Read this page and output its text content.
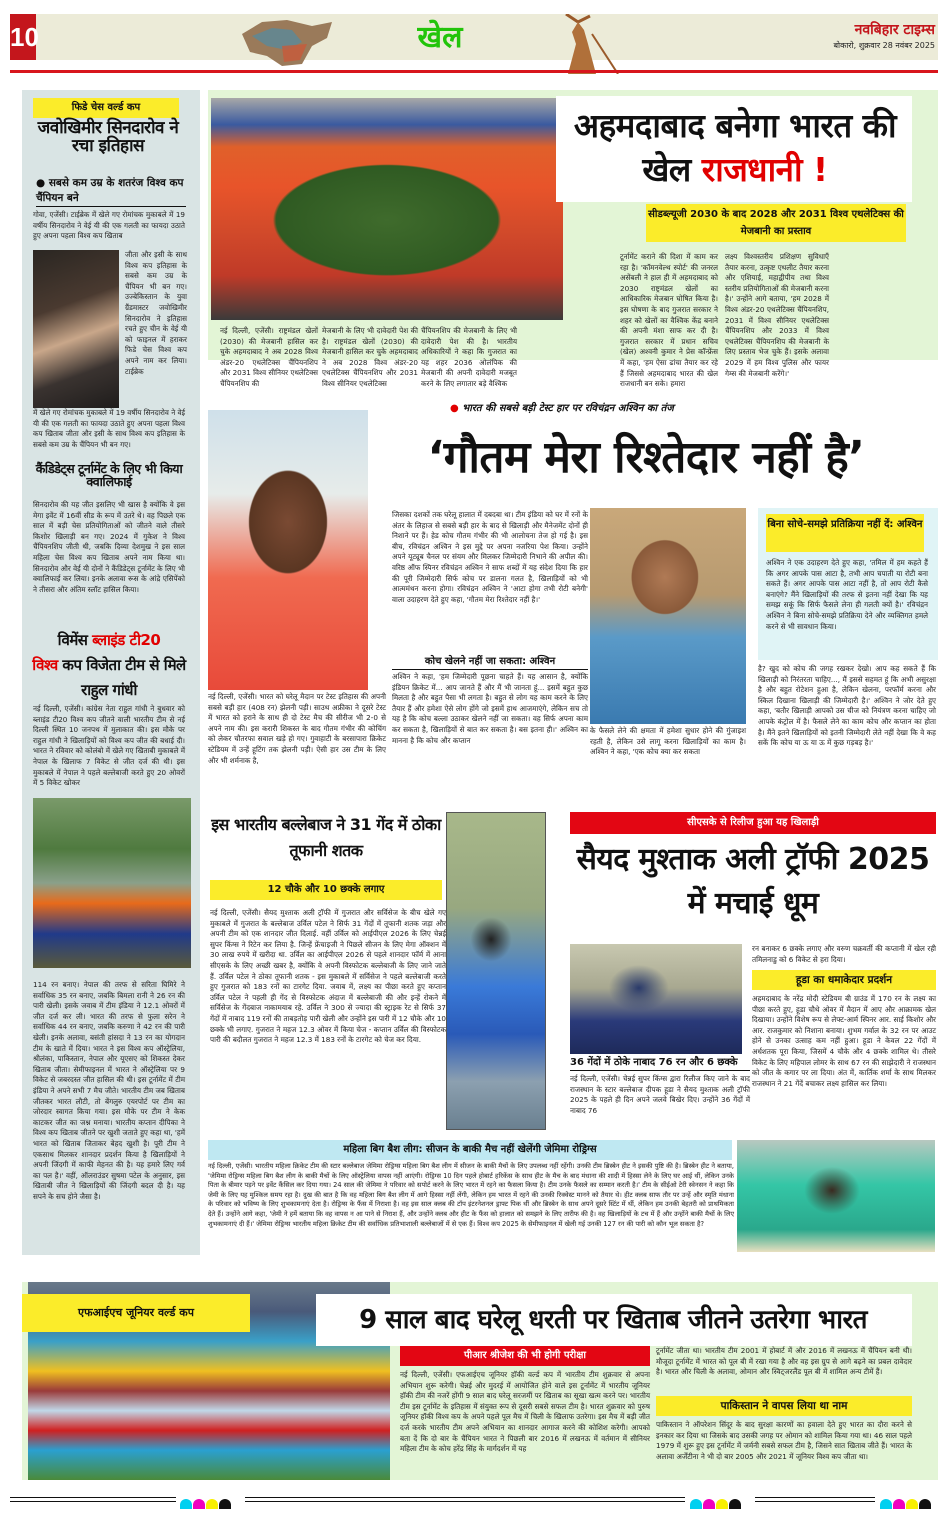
10	खेल	नवबिहार टाइम्स
बोकारो, शुक्रवार 28 नवंबर 2025
फिडे चेस वर्ल्ड कप
जवोखिमीर सिनदारोव ने रचा इतिहास
● सबसे कम उम्र के शतरंज विश्व कप चैंपियन बने
गोवा, एजेंसी। टाईब्रेक में खेले गए रोमांचक मुकाबले में 19 वर्षीय सिनदारोव ने वेई यी की एक गलती का फायदा उठाते हुए अपना पहला विश्व कप खिताब
जीता और इसी के साथ विश्व कप इतिहास के सबसे कम उम्र के चैंपियन भी बन गए। उज्बेकिस्तान के युवा ग्रैंडमास्टर जवोखिमीर सिनदारोव ने इतिहास रचते हुए चीन के वेई यी को फाइनल में हराकर फिडे चेस विश्व कप अपने नाम कर लिया। टाईब्रेक
में खेले गए रोमांचक मुकाबले में 19 वर्षीय सिनदारोव ने वेई यी की एक गलती का फायदा उठाते हुए अपना पहला विश्व कप खिताब जीता और इसी के साथ विश्व कप इतिहास के सबसे कम उम्र के चैंपियन भी बन गए।
कैंडिडेट्स टूर्नामेंट के लिए भी किया क्वालिफाई
सिनदारोव की यह जीत इसलिए भी खास है क्योंकि वे इस मेगा इवेंट में 16वीं सीड के रूप में उतरे थे। वह पिछले एक साल में बड़ी चेस प्रतियोगिताओं को जीतने वाले तीसरे किशोर खिलाड़ी बन गए। 2024 में गुकेश ने विश्व चैंपियनशिप जीती थी, जबकि दिव्या देशमुख ने इस साल महिला चेस विश्व कप खिताब अपने नाम किया था। सिनदारोव और वेई यी दोनों ने कैंडिडेट्स टूर्नामेंट के लिए भी क्वालिफाई कर लिया। इनके अलावा रूस के आंद्रे एसिपेंको ने तीसरा और अंतिम स्लॉट हासिल किया।
विमेंस ब्लाइंड टी20
विश्व कप विजेता टीम से मिले राहुल गांधी
नई दिल्ली, एजेंसी। कांग्रेस नेता राहुल गांधी ने बुधवार को ब्लाइंड टी20 विश्व कप जीतने वाली भारतीय टीम से नई दिल्ली स्थित 10 जनपथ में मुलाकात की। इस मौके पर राहुल गांधी ने खिलाड़ियों को विश्व कप जीत की बधाई दी। भारत ने रविवार को कोलंबो में खेले गए खिताबी मुकाबले में नेपाल के खिलाफ 7 विकेट से जीत दर्ज की थी। इस मुकाबले में नेपाल ने पहले बल्लेबाजी करते हुए 20 ओवरों में 5 विकेट खोकर
114 रन बनाए। नेपाल की तरफ से सरिता घिमिरे ने सर्वाधिक 35 रन बनाए, जबकि बिमला रानी ने 26 रन की पारी खेली। इसके जवाब में टीम इंडिया ने 12.1 ओवरों में जीत दर्ज कर ली। भारत की तरफ से फुला सरेन ने सर्वाधिक 44 रन बनाए, जबकि करुणा ने 42 रन की पारी खेली। इनके अलावा, बसंती हांसदा ने 13 रन का योगदान टीम के खाते में दिया। भारत ने इस विश्व कप ऑस्ट्रेलिया, श्रीलंका, पाकिस्तान, नेपाल और यूएसए को शिकस्त देकर खिताब जीता। सेमीफाइनल में भारत ने ऑस्ट्रेलिया पर 9 विकेट से जबरदस्त जीत हासिल की थी। इस टूर्नामेंट में टीम इंडिया ने अपने सभी 7 मैच जीते। भारतीय टीम जब खिताब जीतकर भारत लौटी, तो बेंगलुरु एयरपोर्ट पर टीम का जोरदार स्वागत किया गया। इस मौके पर टीम ने केक काटकर जीत का जश्न मनाया। भारतीय कप्तान दीपिका ने विश्व कप खिताब जीतने पर खुशी जताते हुए कहा था, 'हमें भारत को खिताब जिताकर बेहद खुशी है। पूरी टीम ने एकसाथ मिलकर शानदार प्रदर्शन किया है खिलाड़ियों ने अपनी जिंदगी में काफी मेहनत की है। यह हमारे लिए गर्व का पल है।' वहीं, ऑलराउंडर सुषमा पटेल के अनुसार, इस खिताबी जीत ने खिलाड़ियों की जिंदगी बदल दी है। यह सपने के सच होने जैसा है।
अहमदाबाद बनेगा भारत की खेल राजधानी !
सीडब्ल्यूजी 2030 के बाद 2028 और 2031 विश्व एथलेटिक्स की मेजबानी का प्रस्ताव
नई दिल्ली, एजेंसी। राष्ट्रमंडल खेलों (2030) की मेजबानी हासिल कर चुके अहमदाबाद ने अब 2028 विश्व अंडर-20 एथलेटिक्स चैंपियनशिप और 2031 विश्व सीनियर एथलेटिक्स चैंपियनशिप की
मेजबानी के लिए भी दावेदारी पेश की है। राष्ट्रमंडल खेलों (2030) की मेजबानी हासिल कर चुके अहमदाबाद ने अब 2028 विश्व अंडर-20 एथलेटिक्स चैंपियनशिप और 2031 विश्व सीनियर एथलेटिक्स
चैंपियनशिप की मेजबानी के लिए भी दावेदारी पेश की है। भारतीय अधिकारियों ने कहा कि गुजरात का यह शहर 2036 ओलंपिक की मेजबानी की अपनी दावेदारी मजबूत करने के लिए लगातार बड़े वैश्विक
टूर्नामेंट कराने की दिशा में काम कर रहा है। 'कॉमनवेल्थ स्पोर्ट' की जनरल असेंबली ने हाल ही में अहमदाबाद को 2030 राष्ट्रमंडल खेलों का आधिकारिक मेजबान घोषित किया है। इस घोषणा के बाद गुजरात सरकार ने शहर को खेलों का वैश्विक केंद्र बनाने की अपनी मंशा साफ कर दी है। गुजरात सरकार में प्रधान सचिव (खेल) अश्वनी कुमार ने प्रेस कॉन्फ्रेंस में कहा, 'हम ऐसा ढांचा तैयार कर रहे हैं जिससे अहमदाबाद भारत की खेल राजधानी बन सके। हमारा
लक्ष्य विश्वस्तरीय प्रशिक्षण सुविधाएँ तैयार करना, उत्कृष्ट एथलीट तैयार करना और एशियाई, महाद्वीपीय तथा विश्व स्तरीय प्रतियोगिताओं की मेजबानी करना है।' उन्होंने आगे बताया, 'हम 2028 में विश्व अंडर-20 एथलेटिक्स चैंपियनशिप, 2031 में विश्व सीनियर एथलेटिक्स चैंपियनशिप और 2033 में विश्व एथलेटिक्स चैंपियनशिप की मेजबानी के लिए प्रस्ताव भेज चुके हैं। इसके अलावा 2029 में हम विश्व पुलिस और फायर गेम्स की मेजबानी करेंगे।'
● भारत की सबसे बड़ी टेस्ट हार पर रविचंद्रन अश्विन का तंज
‘गौतम मेरा रिश्तेदार नहीं है’
नई दिल्ली, एजेंसी। भारत को घरेलू मैदान पर टेस्ट इतिहास की अपनी सबसे बड़ी हार (408 रन) झेलनी पड़ी। साउथ अफ्रीका ने दूसरे टेस्ट में भारत को हराने के साथ ही दो टेस्ट मैच की सीरीज भी 2-0 से अपने नाम की। इस करारी शिकस्त के बाद गौतम गंभीर की कोचिंग को लेकर चौतरफा सवाल खड़े हो गए। गुवाहाटी के बरसापारा क्रिकेट स्टेडियम में उन्हें हूटिंग तक झेलनी पड़ी। ऐसी हार उस टीम के लिए और भी शर्मनाक है,
जिसका दशकों तक घरेलू हालात में दबदबा था। टीम इंडिया को घर में रनों के अंतर के लिहाज से सबसे बड़ी हार के बाद से खिलाड़ी और मैनेजमेंट दोनों ही निशाने पर हैं। हेड कोच गौतम गंभीर की भी आलोचना तेज हो गई है। इस बीच, रविचंद्रन अश्विन ने इस मुद्दे पर अपना नजरिया पेश किया। उन्होंने अपने यूट्यूब चैनल पर संयम और मिलकर जिम्मेदारी निभाने की अपील की। वरिष्ठ ऑफ स्पिनर रविचंद्रन अश्विन ने साफ शब्दों में यह संदेश दिया कि हार की पूरी जिम्मेदारी सिर्फ कोच पर डालना गलत है, खिलाड़ियों को भी आत्ममंथन करना होगा। रविचंद्रन अश्विन ने 'आटा होगा तभी रोटी बनेगी' वाला उदाहरण देते हुए कहा, 'गौतम मेरा रिश्तेदार नहीं है।'
कोच खेलने नहीं जा सकता: अश्विन
अश्विन ने कहा, 'हम जिम्मेदारी पूछना चाहते हैं। यह आसान है, क्योंकि इंडियन क्रिकेट में... आप जानते हैं और मैं भी जानता हूं... इसमें बहुत कुछ मिलता है और बहुत पैसा भी लगता है। बहुत से लोग यह काम करने के लिए तैयार हैं और हमेशा ऐसे लोग होंगे जो इसमें हाथ आजमाएंगे, लेकिन सच तो यह है कि कोच बल्ला उठाकर खेलने नहीं जा सकता। वह सिर्फ अपना काम कर सकता है, खिलाड़ियों से बात कर सकता है। बस इतना ही।' अश्विन का मानना है कि कोच और कप्तान
के फैसले लेने की क्षमता में हमेशा सुधार होने की गुंजाइश रहती है, लेकिन उसे लागू करना खिलाड़ियों का काम है। अश्विन ने कहा, 'एक कोच क्या कर सकता
बिना सोचे-समझे प्रतिक्रिया नहीं दें: अश्विन
अश्विन ने एक उदाहरण देते हुए कहा, 'तमिल में हम कहते हैं कि अगर आपके पास आटा है, तभी आप चपाती या रोटी बना सकते हैं। अगर आपके पास आटा नहीं है, तो आप रोटी कैसे बनाएंगे? मैंने खिलाड़ियों की तरफ से इतना नहीं देखा कि यह समझ सकूं कि सिर्फ फैसले लेना ही गलती क्यों है।' रविचंद्रन अश्विन ने बिना सोचे-समझे प्रतिक्रिया देने और व्यक्तिगत हमले करने से भी सावधान किया।
है? खुद को कोच की जगह रखकर देखो। आप कह सकते हैं कि खिलाड़ी को निरंतरता चाहिए..., मैं इससे सहमत हूं कि अभी असुरक्षा है और बहुत रोटेशन हुआ है, लेकिन खेलना, परफॉर्म करना और स्किल दिखाना खिलाड़ी की जिम्मेदारी है।' अश्विन ने जोर देते हुए कहा, 'बतौर खिलाड़ी आपको उस चीज को नियंत्रण करना चाहिए जो आपके कंट्रोल में है। फैसले लेने का काम कोच और कप्तान का होता है। मैंने इतने खिलाड़ियों को इतनी जिम्मेदारी लेते नहीं देखा कि वे कह सकें कि कोच या ऊ या ऊ में कुछ गड़बड़ है।'
इस भारतीय बल्लेबाज ने 31 गेंद में ठोका तूफानी शतक
12 चौके और 10 छक्के लगाए
नई दिल्ली, एजेंसी। सैयद मुश्ताक अली ट्रॉफी में गुजरात और सर्विसेज के बीच खेले गए मुकाबले में गुजरात के बल्लेबाज उर्विल पटेल ने सिर्फ 31 गेंदों में तूफानी शतक जड़ा और अपनी टीम को एक शानदार जीत दिलाई. वहीं उर्विल को आईपीएल 2026 के लिए चेन्नई सुपर किंग्स ने रिटेन कर लिया है. जिन्हें फ्रेंचाइजी ने पिछले सीजन के लिए मेगा ऑक्शन में 30 लाख रुपये में खरीदा था. उर्विल का आईपीएल 2026 से पहले शानदार फॉर्म में आना सीएसके के लिए अच्छी खबर है, क्योंकि वे अपनी विस्फोटक बल्लेबाजी के लिए जाने जाते हैं. उर्विल पटेल ने ठोका तूफानी शतक - इस मुकाबले में सर्विसेज ने पहले बल्लेबाजी करते हुए गुजरात को 183 रनों का टारगेट दिया. जवाब में, लक्ष्य का पीछा करते हुए कप्तान उर्विल पटेल ने पहली ही गेंद से विस्फोटक अंदाज में बल्लेबाजी की और इन्हें रोकने में सर्विसेज के गेंदबाज नाकामयाब रहे. उर्विल ने 300 से ज्यादा की स्ट्राइक रेट से सिर्फ 37 गेंदों में नाबाद 119 रनों की ताबड़तोड़ पारी खेली और उन्होंने इस पारी में 12 चौके और 10 छक्के भी लगाए. गुजरात ने महज 12.3 ओवर में किया चेज - कप्तान उर्विल की विस्फोटक पारी की बदौलत गुजरात ने महज 12.3 में 183 रनों के टारगेट को चेज कर दिया.
सीएसके से रिलीज हुआ यह खिलाड़ी
सैयद मुश्ताक अली ट्रॉफी 2025 में मचाई धूम
36 गेंदों में ठोके नाबाद 76 रन और 6 छक्के
नई दिल्ली, एजेंसी। चेन्नई सुपर किंग्स द्वारा रिलीज किए जाने के बाद राजस्थान के स्टार बल्लेबाज दीपक हूडा ने सैयद मुश्ताक अली ट्रॉफी 2025 के पहले ही दिन अपने जलवे बिखेर दिए। उन्होंने 36 गेंदों में नाबाद 76
रन बनाकर 6 छक्के लगाए और वरुण चक्रवर्ती की कप्तानी में खेल रही तमिलनाडु को 6 विकेट से हरा दिया।
हूडा का धमाकेदार प्रदर्शन
अहमदाबाद के नरेंद्र मोदी स्टेडियम बी ग्राउंड में 170 रन के लक्ष्य का पीछा करते हुए, हूडा चौथे ओवर में मैदान में आए और आक्रामक खेल दिखाया। उन्होंने विशेष रूप से लेफ्ट-आर्म स्पिनर आर. साई किशोर और आर. राजकुमार को निशाना बनाया। शुभम गर्वाल के 32 रन पर आउट होने से उनका उत्साह कम नहीं हुआ। हूडा ने केवल 22 गेंदों में अर्धशतक पूरा किया, जिसमें 4 चौके और 4 छक्के शामिल थे। तीसरे विकेट के लिए महिपाल लोमर के साथ 67 रन की साझेदारी ने राजस्थान को जीत के कगार पर ला दिया। अंत में, कार्तिक शर्मा के साथ मिलकर राजस्थान ने 21 गेंदें बचाकर लक्ष्य हासिल कर लिया।
महिला बिग बैश लीग: सीजन के बाकी मैच नहीं खेलेंगी जेमिमा रोड्रिग्स
नई दिल्ली, एजेंसी। भारतीय महिला क्रिकेट टीम की स्टार बल्लेबाज जेमिमा रोड्रिग्स महिला बिग बैश लीग में सीजन के बाकी मैचों के लिए उपलब्ध नहीं रहेंगी। उनकी टीम ब्रिस्बेन हीट ने इसकी पुष्टि की है। ब्रिस्बेन हीट ने बताया, 'जेमिमा रोड्रिग्स महिला बिग बैश लीग के बाकी मैचों के लिए ऑस्ट्रेलिया वापस नहीं आएंगी। रोड्रिग्स 10 दिन पहले होबार्ट हरिकेंस के साथ हीट के मैच के बाद मंधाना की शादी में हिस्सा लेने के लिए घर आई थीं, लेकिन उनके पिता के बीमार पड़ने पर इवेंट कैंसिल कर दिया गया। 24 साल की जेमिमा ने परिवार को सपोर्ट करने के लिए भारत में रहने का फैसला किया है। टीम उनके फैसले का सम्मान करती है।' टीम के सीईओ टेरी स्वेनसन ने कहा कि जेमी के लिए यह मुश्किल समय रहा है। दुख की बात है कि वह महिला बिग बैश लीग में आगे हिस्सा नहीं लेंगी, लेकिन हम भारत में रहने की उनकी रिक्वेस्ट मानने को तैयार थे। हीट क्लब साफ तौर पर उन्हें और स्मृति मंधाना के परिवार को भविष्य के लिए शुभकामनाएं देता है। रोड्रिग्स के फैंस में निराशा है। वह इस साल क्लब की टॉप इंटरनेशनल ड्राफ्ट पिक थीं और ब्रिस्बेन के साथ अपने दूसरे स्टिंट में थीं, लेकिन हम उनकी बेहतरी को प्राथमिकता देते हैं। उन्होंने आगे कहा, 'जेमी ने हमें बताया कि वह वापस न आ पाने से निराश हैं, और उन्होंने क्लब और हीट के फैंस को हालात को समझने के लिए तारीफ की है। वह खिलाड़ियों के टच में हैं और उन्होंने बाकी मैचों के लिए शुभकामनाएं दी हैं।' जेमिमा रोड्रिग्स भारतीय महिला क्रिकेट टीम की सर्वाधिक प्रतिभाशाली बल्लेबाजों में से एक हैं। विश्व कप 2025 के सेमीफाइनल में खेली गई उनकी 127 रन की पारी को कौन भूल सकता है?
एफआईएच जूनियर वर्ल्ड कप	9 साल बाद घरेलू धरती पर खिताब जीतने उतरेगा भारत
पीआर श्रीजेश की भी होगी परीक्षा
नई दिल्ली, एजेंसी। एफआईएच जूनियर हॉकी वर्ल्ड कप में भारतीय टीम शुक्रवार से अपना अभियान शुरू करेगी। चेन्नई और मुदरई में आयोजित होने वाले इस टूर्नामेंट में भारतीय जूनियर हॉकी टीम की नजरें होंगी 9 साल बाद घरेलू सरजमीं पर खिताब का सूखा खत्म करने पर। भारतीय टीम इस टूर्नामेंट के इतिहास में संयुक्त रूप से दूसरी सबसे सफल टीम है। भारत शुक्रवार को पुरुष जूनियर हॉकी विश्व कप के अपने पहले पूल मैच में चिली के खिलाफ उतरेगा। इस मैच में बड़ी जीत दर्ज करके भारतीय टीम अपने अभियान का शानदार आगाज करने की कोशिश करेगी। आपको बता दें कि दो बार के चैंपियन भारत ने पिछली बार 2016 में लखनऊ में वर्तमान में सीनियर महिला टीम के कोच हरेंद्र सिंह के मार्गदर्शन में यह
टूर्नामेंट जीता था। भारतीय टीम 2001 में होबार्ट में और 2016 में लखनऊ में चैंपियन बनी थी। मौजूदा टूर्नामेंट में भारत को पूल बी में रखा गया है और वह इस ग्रुप से आगे बढ़ने का प्रबल दावेदार है। भारत और चिली के अलावा, ओमान और स्विट्जरलैंड पूल बी में शामिल अन्य टीमें हैं।
पाकिस्तान ने वापस लिया था नाम
पाकिस्तान ने ऑपरेशन सिंदूर के बाद सुरक्षा कारणों का हवाला देते हुए भारत का दौरा करने से इनकार कर दिया था जिसके बाद उसकी जगह पर ओमान को शामिल किया गया था। 46 साल पहले 1979 में शुरू हुए इस टूर्नामेंट में जर्मनी सबसे सफल टीम है, जिसने सात खिताब जीते हैं। भारत के अलावा अर्जेंटीना ने भी दो बार 2005 और 2021 में जूनियर विश्व कप जीता था।
